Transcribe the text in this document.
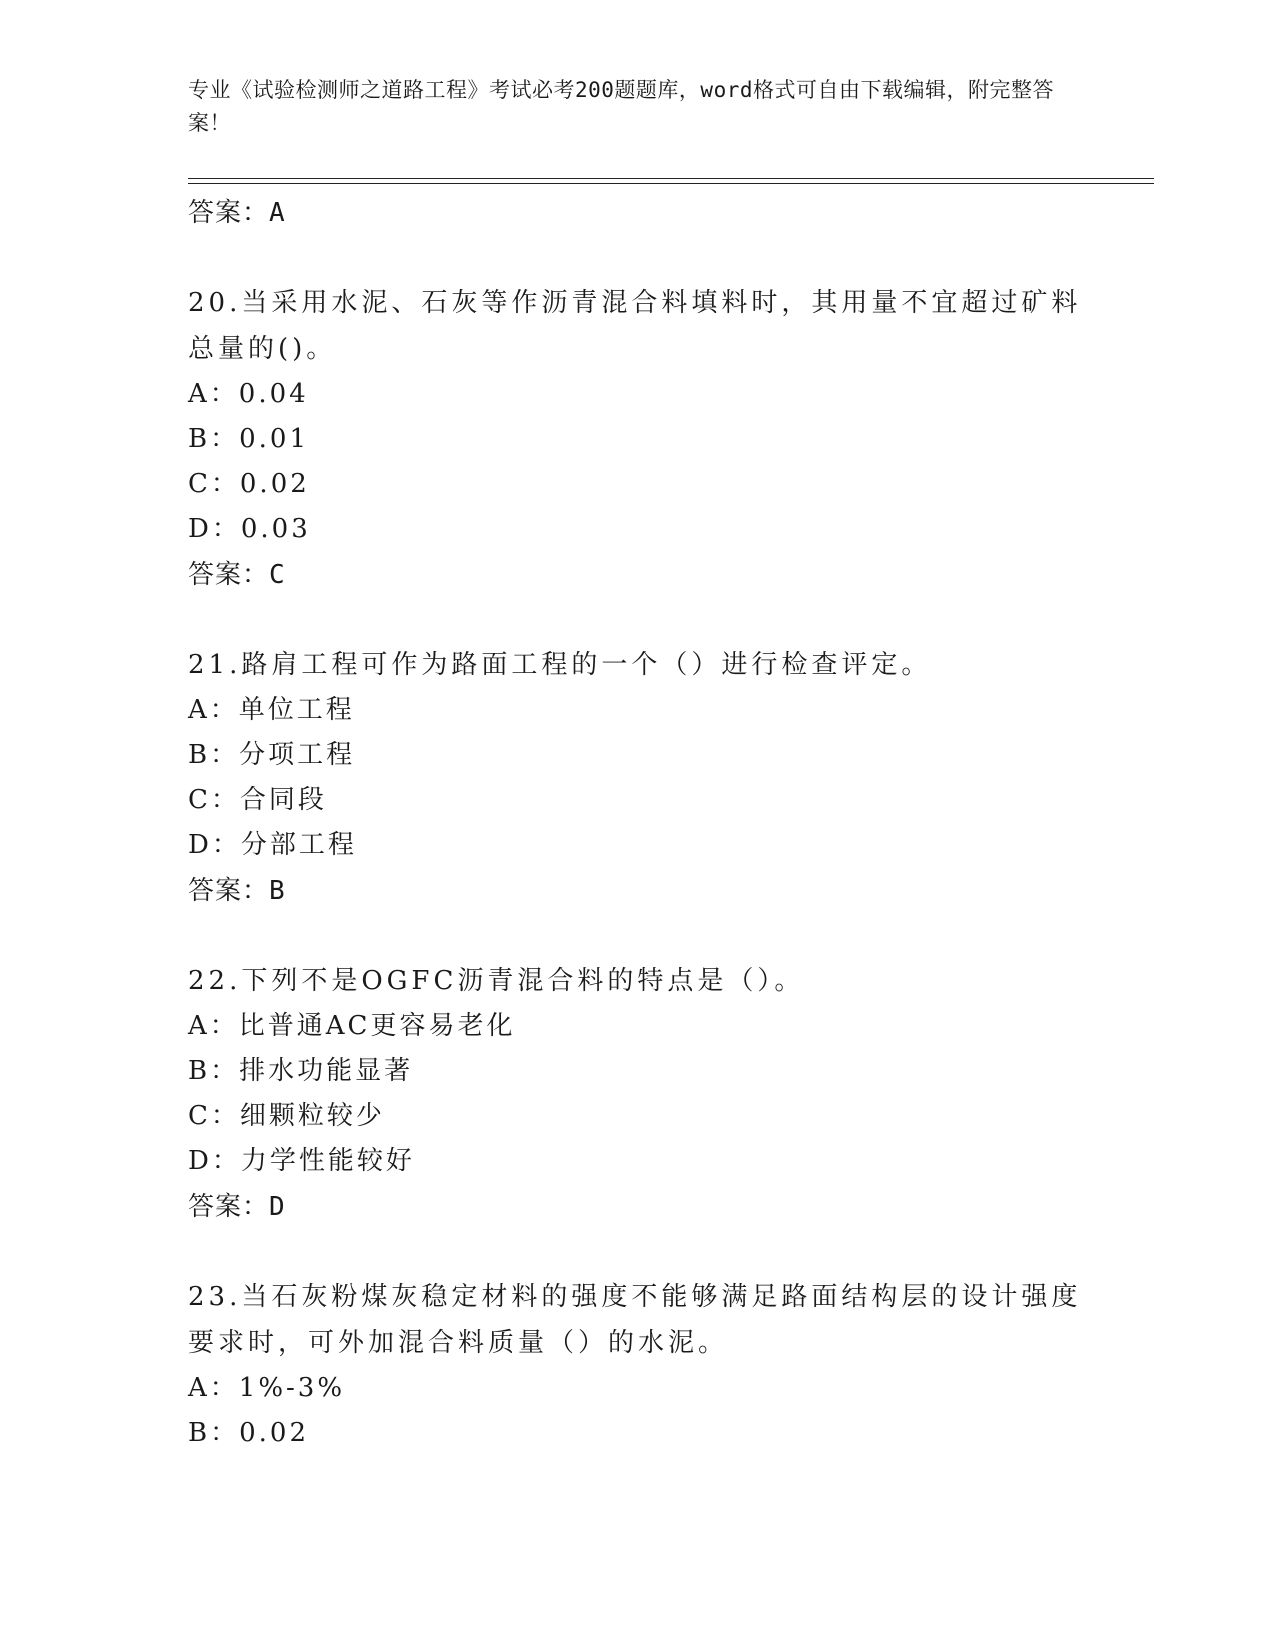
专业《试验检测师之道路工程》考试必考200题题库，word格式可自由下载编辑，附完整答案！
答案：A
20.当采用水泥、石灰等作沥青混合料填料时，其用量不宜超过矿料总量的()。
A：0.04
B：0.01
C：0.02
D：0.03
答案：C
21.路肩工程可作为路面工程的一个（）进行检查评定。
A：单位工程
B：分项工程
C：合同段
D：分部工程
答案：B
22.下列不是OGFC沥青混合料的特点是（）。
A：比普通AC更容易老化
B：排水功能显著
C：细颗粒较少
D：力学性能较好
答案：D
23.当石灰粉煤灰稳定材料的强度不能够满足路面结构层的设计强度要求时，可外加混合料质量（）的水泥。
A：1%-3%
B：0.02
